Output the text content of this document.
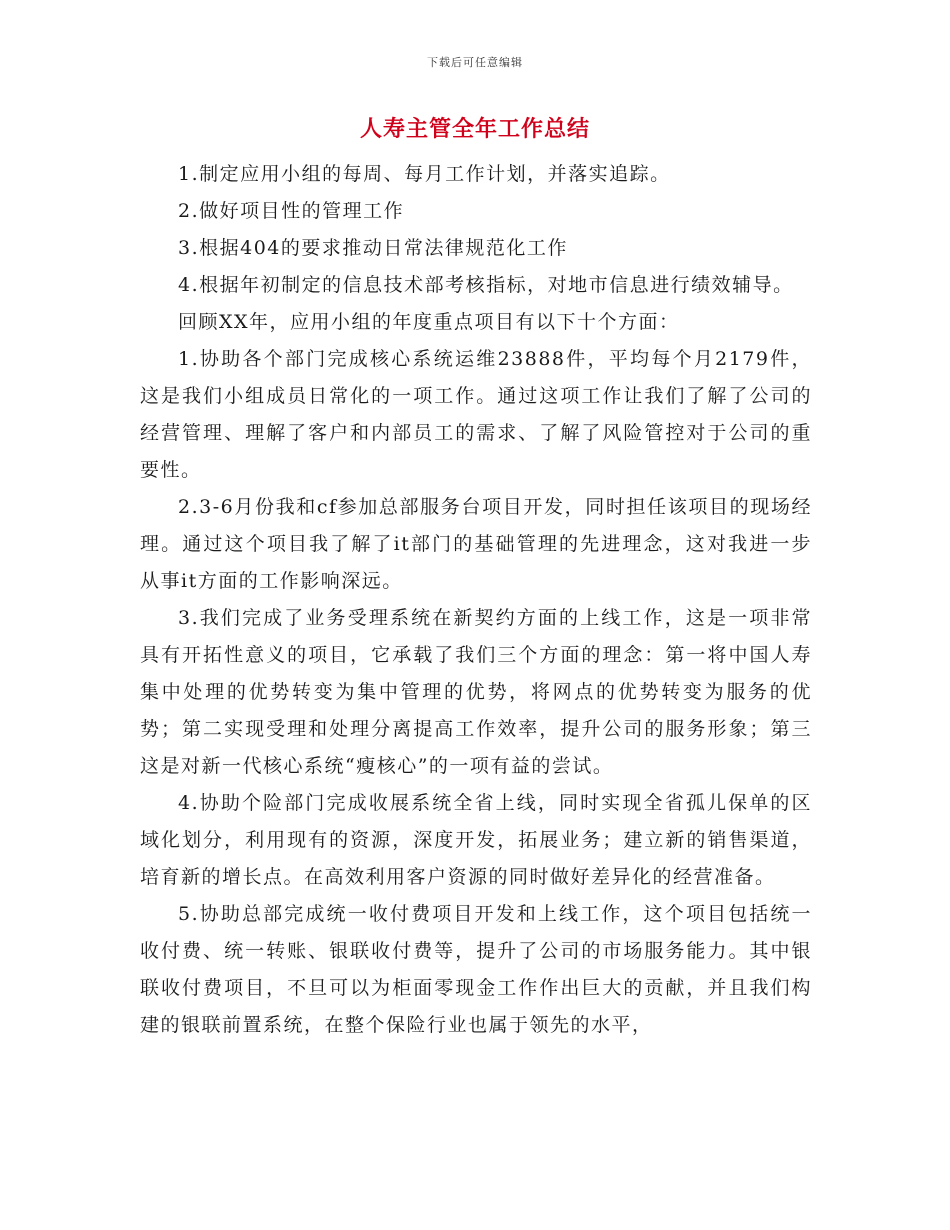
下载后可任意编辑
人寿主管全年工作总结

1.制定应用小组的每周、每月工作计划，并落实追踪。

2.做好项目性的管理工作

3.根据404的要求推动日常法律规范化工作

4.根据年初制定的信息技术部考核指标，对地市信息进行绩效辅导。

回顾XX年，应用小组的年度重点项目有以下十个方面：

1.协助各个部门完成核心系统运维23888件，平均每个月2179件，这是我们小组成员日常化的一项工作。通过这项工作让我们了解了公司的经营管理、理解了客户和内部员工的需求、了解了风险管控对于公司的重要性。

2.3-6月份我和cf参加总部服务台项目开发，同时担任该项目的现场经理。通过这个项目我了解了it部门的基础管理的先进理念，这对我进一步从事it方面的工作影响深远。

3.我们完成了业务受理系统在新契约方面的上线工作，这是一项非常具有开拓性意义的项目，它承载了我们三个方面的理念：第一将中国人寿集中处理的优势转变为集中管理的优势，将网点的优势转变为服务的优势；第二实现受理和处理分离提高工作效率，提升公司的服务形象；第三这是对新一代核心系统“瘦核心”的一项有益的尝试。

4.协助个险部门完成收展系统全省上线，同时实现全省孤儿保单的区域化划分，利用现有的资源，深度开发，拓展业务；建立新的销售渠道，培育新的增长点。在高效利用客户资源的同时做好差异化的经营准备。

5.协助总部完成统一收付费项目开发和上线工作，这个项目包括统一收付费、统一转账、银联收付费等，提升了公司的市场服务能力。其中银联收付费项目，不旦可以为柜面零现金工作作出巨大的贡献，并且我们构建的银联前置系统，在整个保险行业也属于领先的水平，
